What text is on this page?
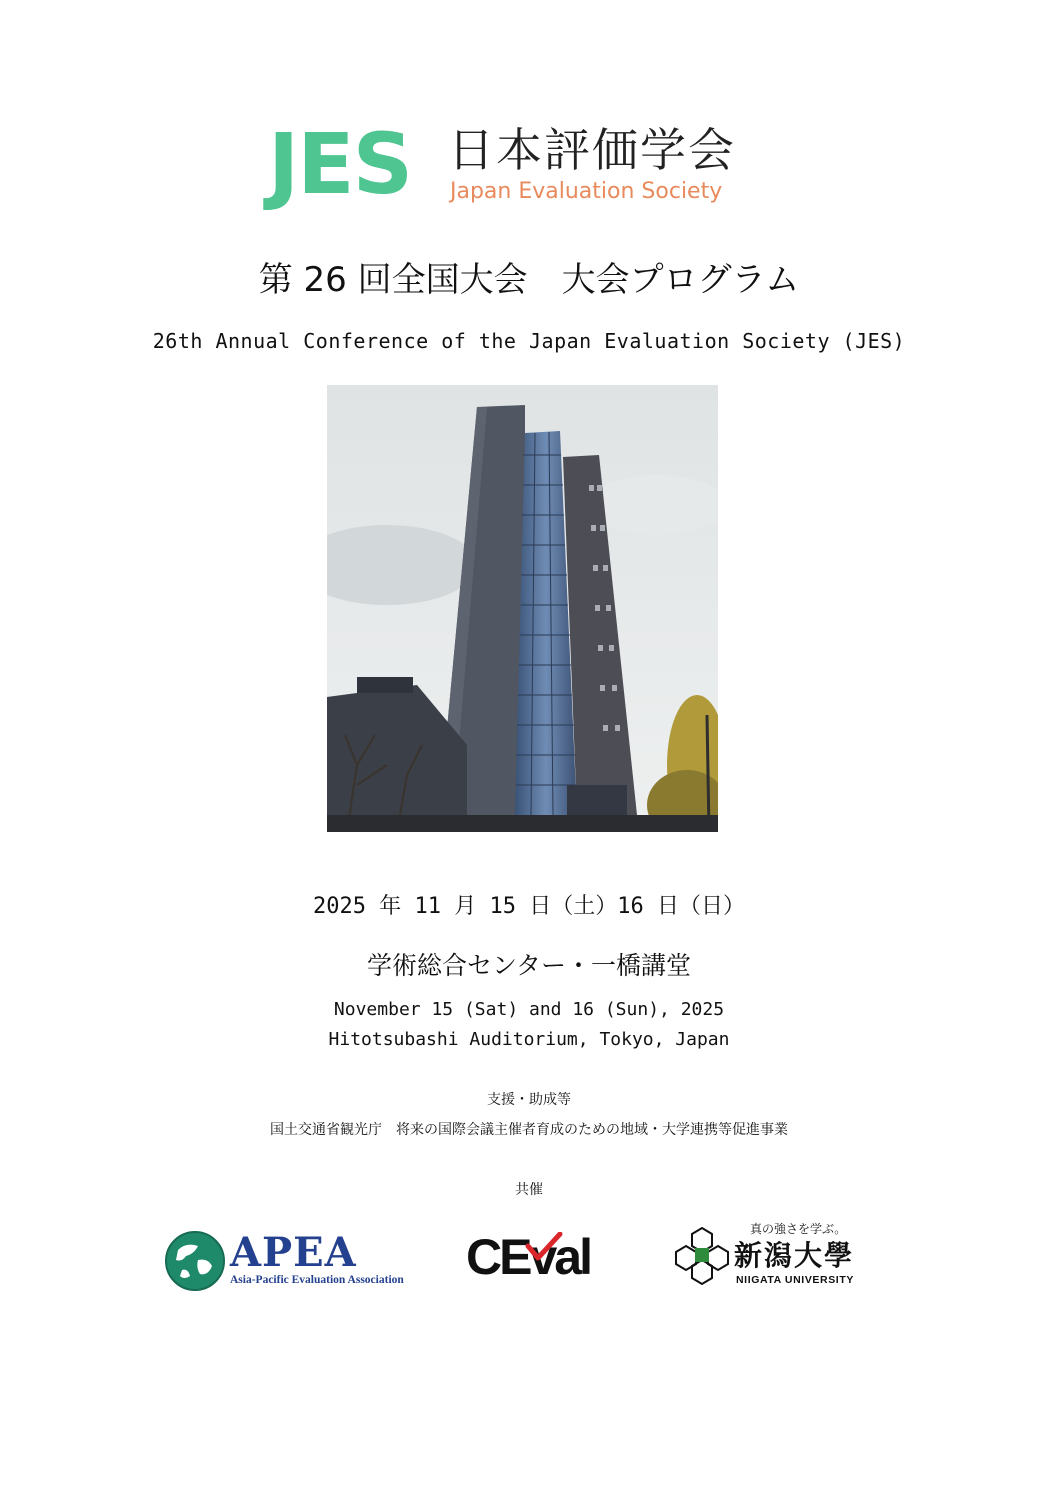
JES 日本評価学会
Japan Evaluation Society
第 26 回全国大会　大会プログラム
26th Annual Conference of the Japan Evaluation Society (JES)
2025 年 11 月 15 日（土）16 日（日）
学術総合センター・一橋講堂
November 15 (Sat) and 16 (Sun), 2025
Hitotsubashi Auditorium, Tokyo, Japan
支援・助成等
国土交通省観光庁　将来の国際会議主催者育成のための地域・大学連携等促進事業
共催
APEA
Asia-Pacific Evaluation Association CEval	真の強さを学ぶ。
新潟大學
NIIGATA UNIVERSITY
